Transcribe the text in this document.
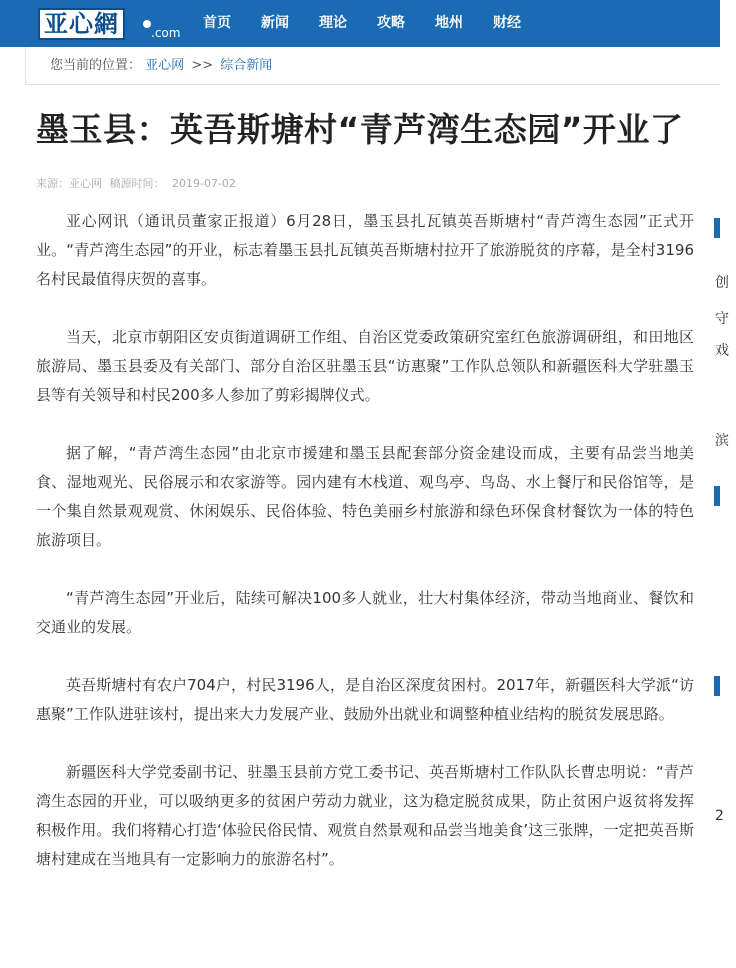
亚心網	.com
首页	新闻	理论	攻略	地州	财经
您当前的位置： 亚心网 >> 综合新闻
墨玉县：英吾斯塘村“青芦湾生态园”开业了
来源：亚心网 稿源时间： 2019-07-02

亚心网讯（通讯员董家正报道）6月28日，墨玉县扎瓦镇英吾斯塘村“青芦湾生态园”正式开业。“青芦湾生态园”的开业，标志着墨玉县扎瓦镇英吾斯塘村拉开了旅游脱贫的序幕，是全村3196名村民最值得庆贺的喜事。

当天，北京市朝阳区安贞街道调研工作组、自治区党委政策研究室红色旅游调研组，和田地区旅游局、墨玉县委及有关部门、部分自治区驻墨玉县“访惠聚”工作队总领队和新疆医科大学驻墨玉县等有关领导和村民200多人参加了剪彩揭牌仪式。

据了解，“青芦湾生态园”由北京市援建和墨玉县配套部分资金建设而成，主要有品尝当地美食、湿地观光、民俗展示和农家游等。园内建有木栈道、观鸟亭、鸟岛、水上餐厅和民俗馆等，是一个集自然景观观赏、休闲娱乐、民俗体验、特色美丽乡村旅游和绿色环保食材餐饮为一体的特色旅游项目。

“青芦湾生态园”开业后，陆续可解决100多人就业，壮大村集体经济，带动当地商业、餐饮和交通业的发展。

英吾斯塘村有农户704户，村民3196人，是自治区深度贫困村。2017年，新疆医科大学派“访惠聚”工作队进驻该村，提出来大力发展产业、鼓励外出就业和调整种植业结构的脱贫发展思路。

新疆医科大学党委副书记、驻墨玉县前方党工委书记、英吾斯塘村工作队队长曹忠明说：“青芦湾生态园的开业，可以吸纳更多的贫困户劳动力就业，这为稳定脱贫成果，防止贫困户返贫将发挥积极作用。我们将精心打造‘体验民俗民情、观赏自然景观和品尝当地美食’这三张牌，一定把英吾斯塘村建成在当地具有一定影响力的旅游名村”。

创
守
戏
滨
2
